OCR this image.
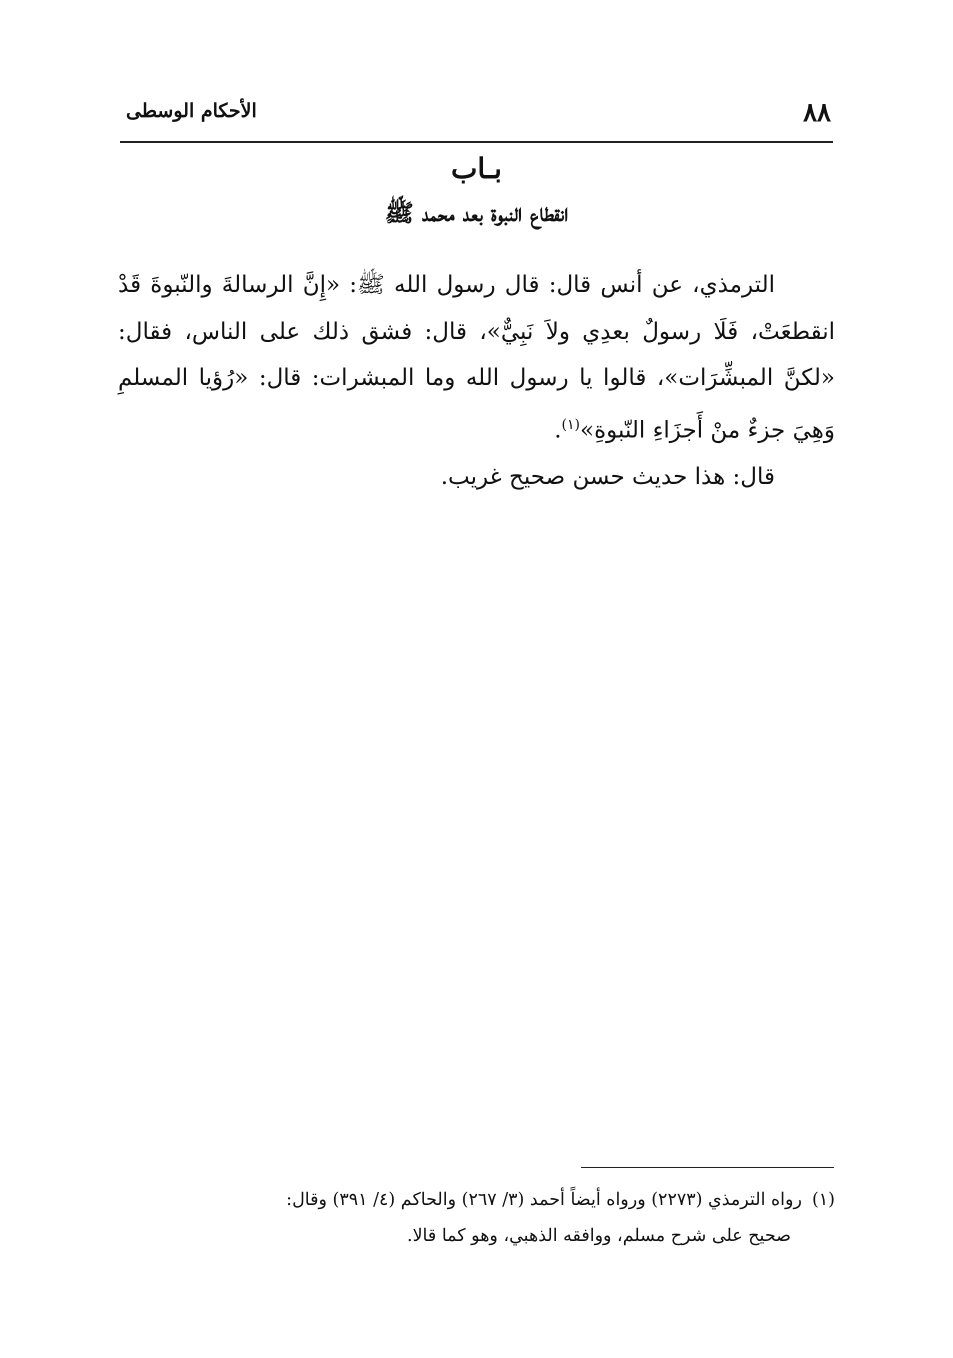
٨٨
الأحكام الوسطى
بـاب
انقطاع النبوة بعد محمد ﷺ

الترمذي، عن أنس قال: قال رسول الله ﷺ: «إِنَّ الرسالةَ والنّبوةَ قَدْ انقطعَتْ، فَلَا رسولٌ بعدِي ولاَ نَبِيٌّ»، قال: فشق ذلك على الناس، فقال: «لكنَّ المبشِّرَات»، قالوا يا رسول الله وما المبشرات: قال: «رُؤيا المسلمِ وَهِيَ جزءٌ منْ أَجزَاءِ النّبوةِ»$^{(١)}$.

قال: هذا حديث حسن صحيح غريب.

(١)رواه الترمذي (٢٢٧٣) ورواه أيضاً أحمد (٣/ ٢٦٧) والحاكم (٤/ ٣٩١) وقال:
صحيح على شرح مسلم، ووافقه الذهبي، وهو كما قالا.
